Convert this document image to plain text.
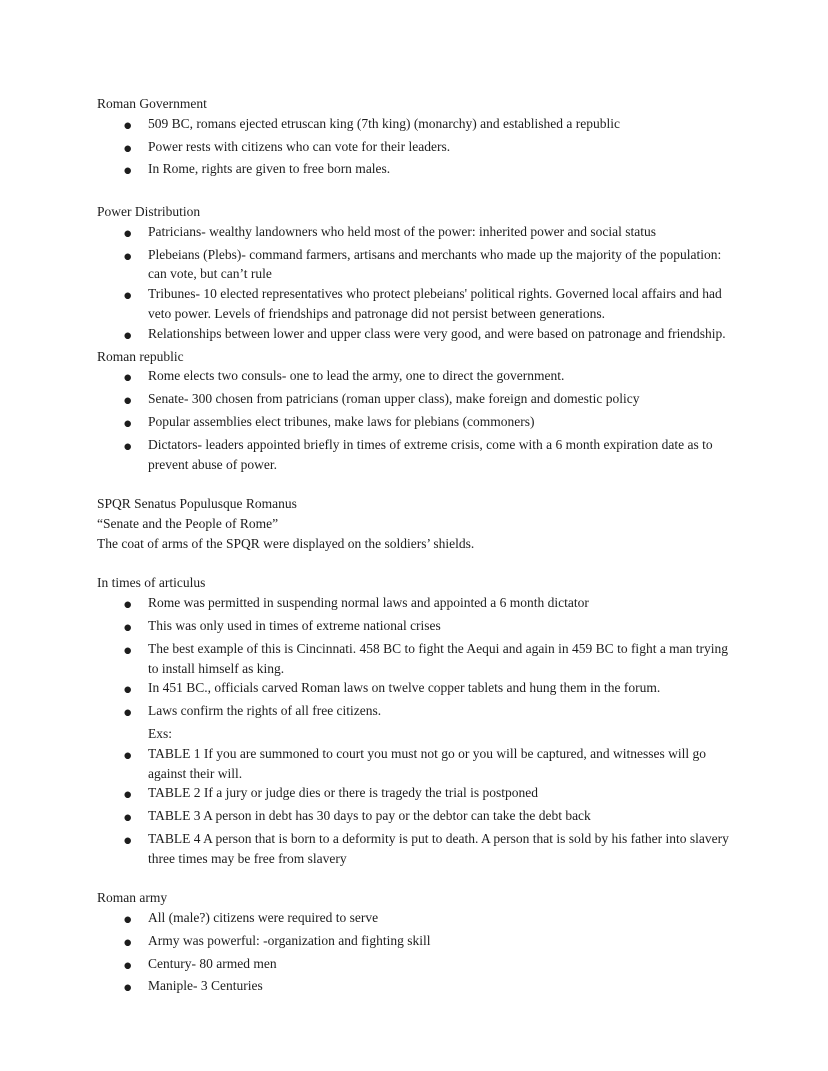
Roman Government
●	509 BC, romans ejected etruscan king (7th king) (monarchy) and established a republic
●	Power rests with citizens who can vote for their leaders.
●	In Rome, rights are given to free born males.
Power Distribution
●	Patricians- wealthy landowners who held most of the power: inherited power and social status
●	Plebeians (Plebs)- command farmers, artisans and merchants who made up the majority of the population: can vote, but can’t rule
●	Tribunes- 10 elected representatives who protect plebeians' political rights. Governed local affairs and had veto power. Levels of friendships and patronage did not persist between generations.
●	Relationships between lower and upper class were very good, and were based on patronage and friendship.
Roman republic
●	Rome elects two consuls- one to lead the army, one to direct the government.
●	Senate- 300 chosen from patricians (roman upper class), make foreign and domestic policy
●	Popular assemblies elect tribunes, make laws for plebians (commoners)
●	Dictators- leaders appointed briefly in times of extreme crisis, come with a 6 month expiration date as to prevent abuse of power.
SPQR Senatus Populusque Romanus
“Senate and the People of Rome”
The coat of arms of the SPQR were displayed on the soldiers’ shields.
In times of articulus
●	Rome was permitted in suspending normal laws and appointed a 6 month dictator
●	This was only used in times of extreme national crises
●	The best example of this is Cincinnati. 458 BC to fight the Aequi and again in 459 BC to fight a man trying to install himself as king.
●	In 451 BC., officials carved Roman laws on twelve copper tablets and hung them in the forum.
●	Laws confirm the rights of all free citizens.
Exs:
●	TABLE 1 If you are summoned to court you must not go or you will be captured, and witnesses will go against their will.
●	TABLE 2 If a jury or judge dies or there is tragedy the trial is postponed
●	TABLE 3 A person in debt has 30 days to pay or the debtor can take the debt back
●	TABLE 4 A person that is born to a deformity is put to death. A person that is sold by his father into slavery three times may be free from slavery
Roman army
●	All (male?) citizens were required to serve
●	Army was powerful: -organization and fighting skill
●	Century- 80 armed men
●	Maniple- 3 Centuries
